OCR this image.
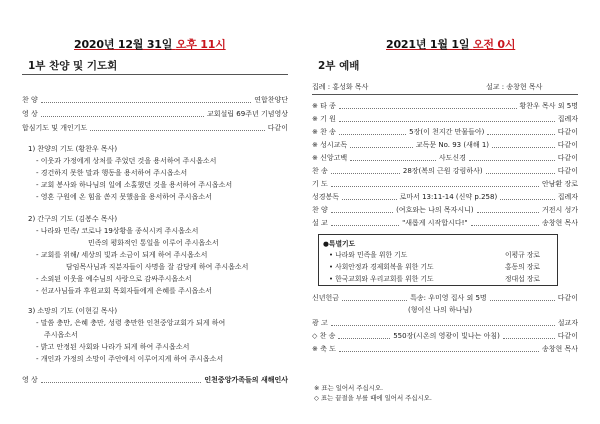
2020년 12월 31일 오후 11시
1부 찬양 및 기도회
찬 양	연합찬양단
영 상	교회설립 69주년 기념영상
합심기도 및 개인기도	다같이
1) 찬양의 기도 (황찬우 목사)
- 이웃과 가정에게 상처를 주었던 것을 용서하여 주시옵소서
- 경건하지 못한 말과 행동을 용서하여 주시옵소서
- 교회 봉사와 하나님의 일에 소홀했던 것을 용서하여 주시옵소서
- 영혼 구원에 온 힘을 쏟지 못했음을 용서하여 주시옵소서
2) 간구의 기도 (김봉수 목사)
- 나라와 민족/ 코로나 19상황을 종식시켜 주시옵소서
민족의 평화적인 통일을 이루어 주시옵소서
- 교회를 위해/ 세상의 빛과 소금이 되게 하여 주시옵소서
담임목사님과 직분자들이 사명을 잘 감당케 하여 주시옵소서
- 소외된 이웃을 예수님의 사랑으로 감싸주시옵소서
- 선교사님들과 후원교회 목회자들에게 은혜를 주시옵소서
3) 소망의 기도 (이현길 목사)
- 말씀 충만, 은혜 충만, 성령 충만한 인천중앙교회가 되게 하여
주시옵소서
- 밝고 안정된 사회와 나라가 되게 하여 주시옵소서
- 개인과 가정의 소망이 주안에서 이루어지게 하여 주시옵소서
영 상	인천중앙가족들의 새해인사
2021년 1월 1일 오전 0시
2부 예배
집례 : 홍성화 목사	설교 : 송창현 목사
※ 타 종	황찬우 목사 외 5명
※ 기 원	집례자
※ 찬 송	5장(이 천지간 만물들아)	다같이
※ 성시교독	교독문 No. 93 (새해 1)	다같이
※ 신앙고백	사도신경	다같이
찬 송	28장(복의 근원 강림하사)	다같이
기 도	안남환 장로
성경봉독	로마서 13:11-14 (신약 p.258)	집례자
찬 양	(여호와는 나의 목자시니)	거전시 성가
설 교	"새롭게 시작합시다!"	송창현 목사
●특별기도
• 나라와 민족을 위한 기도	이평규 장로
• 사회안정과 경제회복을 위한 기도	홍동의 장로
• 한국교회와 우리교회를 위한 기도	정대섭 장로
신년헌금	특송: 우미영 집사 외 5명	다같이
(형이신 나의 하나님)
광 고	설교자
◇ 찬 송	550장(시온의 영광이 빛나는 아침)	다같이
※ 축 도	송창현 목사
※ 표는 일어서 주십시오.
◇ 표는 끝절을 부를 때에 일어서 주십시오.
